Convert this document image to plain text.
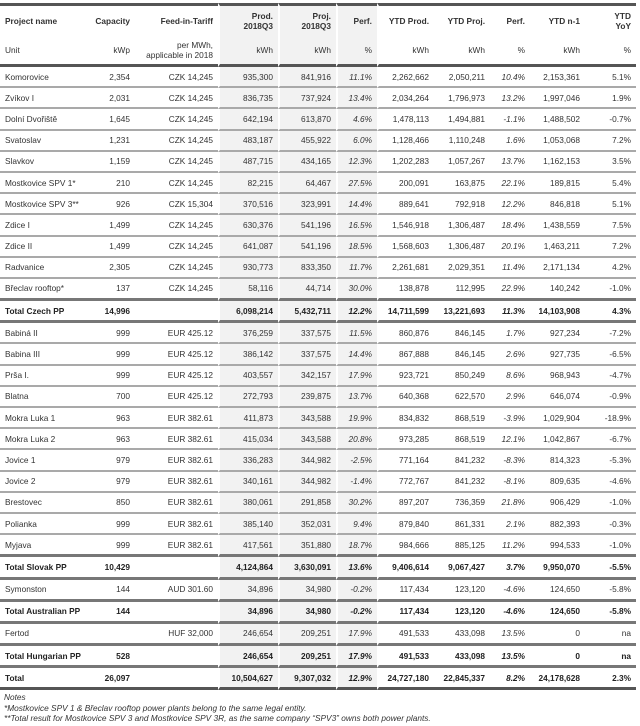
Project name	Capacity	Feed-in-Tariff	Prod.
2018Q3	Proj.
2018Q3	Perf.	YTD Prod.	YTD Proj.	Perf.	YTD n-1	YTD
YoY
Unit	kWp	per MWh,
applicable in 2018	kWh	kWh	%	kWh	kWh	%	kWh	%
Komorovice	2,354	CZK 14,245	935,300	841,916	11.1%	2,262,662	2,050,211	10.4%	2,153,361	5.1%
Zvíkov I	2,031	CZK 14,245	836,735	737,924	13.4%	2,034,264	1,796,973	13.2%	1,997,046	1.9%
Dolní Dvořiště	1,645	CZK 14,245	642,194	613,870	4.6%	1,478,113	1,494,881	-1.1%	1,488,502	-0.7%
Svatoslav	1,231	CZK 14,245	483,187	455,922	6.0%	1,128,466	1,110,248	1.6%	1,053,068	7.2%
Slavkov	1,159	CZK 14,245	487,715	434,165	12.3%	1,202,283	1,057,267	13.7%	1,162,153	3.5%
Mostkovice SPV 1*	210	CZK 14,245	82,215	64,467	27.5%	200,091	163,875	22.1%	189,815	5.4%
Mostkovice SPV 3**	926	CZK 15,304	370,516	323,991	14.4%	889,641	792,918	12.2%	846,818	5.1%
Zdice I	1,499	CZK 14,245	630,376	541,196	16.5%	1,546,918	1,306,487	18.4%	1,438,559	7.5%
Zdice II	1,499	CZK 14,245	641,087	541,196	18.5%	1,568,603	1,306,487	20.1%	1,463,211	7.2%
Radvanice	2,305	CZK 14,245	930,773	833,350	11.7%	2,261,681	2,029,351	11.4%	2,171,134	4.2%
Břeclav rooftop*	137	CZK 14,245	58,116	44,714	30.0%	138,878	112,995	22.9%	140,242	-1.0%
Total Czech PP	14,996		6,098,214	5,432,711	12.2%	14,711,599	13,221,693	11.3%	14,103,908	4.3%
Babiná II	999	EUR 425.12	376,259	337,575	11.5%	860,876	846,145	1.7%	927,234	-7.2%
Babina III	999	EUR 425.12	386,142	337,575	14.4%	867,888	846,145	2.6%	927,735	-6.5%
Prša I.	999	EUR 425.12	403,557	342,157	17.9%	923,721	850,249	8.6%	968,943	-4.7%
Blatna	700	EUR 425.12	272,793	239,875	13.7%	640,368	622,570	2.9%	646,074	-0.9%
Mokra Luka 1	963	EUR 382.61	411,873	343,588	19.9%	834,832	868,519	-3.9%	1,029,904	-18.9%
Mokra Luka 2	963	EUR 382.61	415,034	343,588	20.8%	973,285	868,519	12.1%	1,042,867	-6.7%
Jovice 1	979	EUR 382.61	336,283	344,982	-2.5%	771,164	841,232	-8.3%	814,323	-5.3%
Jovice 2	979	EUR 382.61	340,161	344,982	-1.4%	772,767	841,232	-8.1%	809,635	-4.6%
Brestovec	850	EUR 382.61	380,061	291,858	30.2%	897,207	736,359	21.8%	906,429	-1.0%
Polianka	999	EUR 382.61	385,140	352,031	9.4%	879,840	861,331	2.1%	882,393	-0.3%
Myjava	999	EUR 382.61	417,561	351,880	18.7%	984,666	885,125	11.2%	994,533	-1.0%
Total Slovak PP	10,429		4,124,864	3,630,091	13.6%	9,406,614	9,067,427	3.7%	9,950,070	-5.5%
Symonston	144	AUD 301.60	34,896	34,980	-0.2%	117,434	123,120	-4.6%	124,650	-5.8%
Total Australian PP	144		34,896	34,980	-0.2%	117,434	123,120	-4.6%	124,650	-5.8%
Fertod		HUF 32,000	246,654	209,251	17.9%	491,533	433,098	13.5%	0	na
Total Hungarian PP	528		246,654	209,251	17.9%	491,533	433,098	13.5%	0	na
Total	26,097		10,504,627	9,307,032	12.9%	24,727,180	22,845,337	8.2%	24,178,628	2.3%
Notes
*Mostkovice SPV 1 & Břeclav rooftop power plants belong to the same legal entity.
**Total result for Mostkovice SPV 3 and Mostkovice SPV 3R, as the same company “SPV3” owns both power plants.
